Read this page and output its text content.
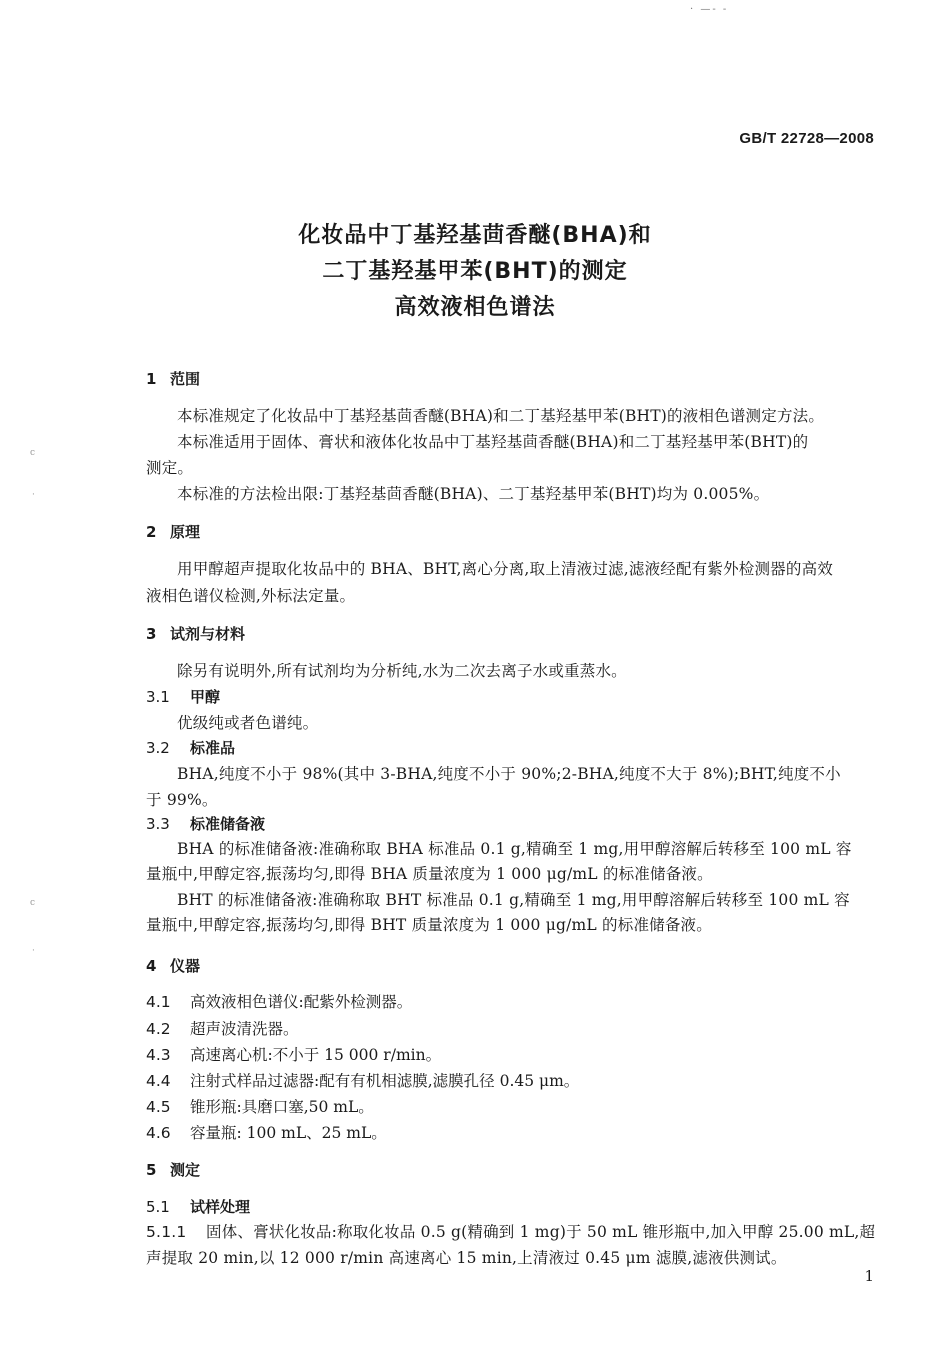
· —- -
c
·
c
·
GB/T 22728—2008
化妆品中丁基羟基茴香醚(BHA)和
二丁基羟基甲苯(BHT)的测定
高效液相色谱法
1 范围
本标准规定了化妆品中丁基羟基茴香醚(BHA)和二丁基羟基甲苯(BHT)的液相色谱测定方法。
本标准适用于固体、膏状和液体化妆品中丁基羟基茴香醚(BHA)和二丁基羟基甲苯(BHT)的
测定。
本标准的方法检出限:丁基羟基茴香醚(BHA)、二丁基羟基甲苯(BHT)均为 0.005%。
2 原理
用甲醇超声提取化妆品中的 BHA、BHT,离心分离,取上清液过滤,滤液经配有紫外检测器的高效
液相色谱仪检测,外标法定量。
3 试剂与材料
除另有说明外,所有试剂均为分析纯,水为二次去离子水或重蒸水。
3.1 甲醇
优级纯或者色谱纯。
3.2 标准品
BHA,纯度不小于 98%(其中 3-BHA,纯度不小于 90%;2-BHA,纯度不大于 8%);BHT,纯度不小
于 99%。
3.3 标准储备液
BHA 的标准储备液:准确称取 BHA 标准品 0.1 g,精确至 1 mg,用甲醇溶解后转移至 100 mL 容
量瓶中,甲醇定容,振荡均匀,即得 BHA 质量浓度为 1 000 μg/mL 的标准储备液。
BHT 的标准储备液:准确称取 BHT 标准品 0.1 g,精确至 1 mg,用甲醇溶解后转移至 100 mL 容
量瓶中,甲醇定容,振荡均匀,即得 BHT 质量浓度为 1 000 μg/mL 的标准储备液。
4 仪器
4.1 高效液相色谱仪:配紫外检测器。
4.2 超声波清洗器。
4.3 高速离心机:不小于 15 000 r/min。
4.4 注射式样品过滤器:配有有机相滤膜,滤膜孔径 0.45 μm。
4.5 锥形瓶:具磨口塞,50 mL。
4.6 容量瓶: 100 mL、25 mL。
5 测定
5.1 试样处理
5.1.1 固体、膏状化妆品:称取化妆品 0.5 g(精确到 1 mg)于 50 mL 锥形瓶中,加入甲醇 25.00 mL,超
声提取 20 min,以 12 000 r/min 高速离心 15 min,上清液过 0.45 μm 滤膜,滤液供测试。
1
